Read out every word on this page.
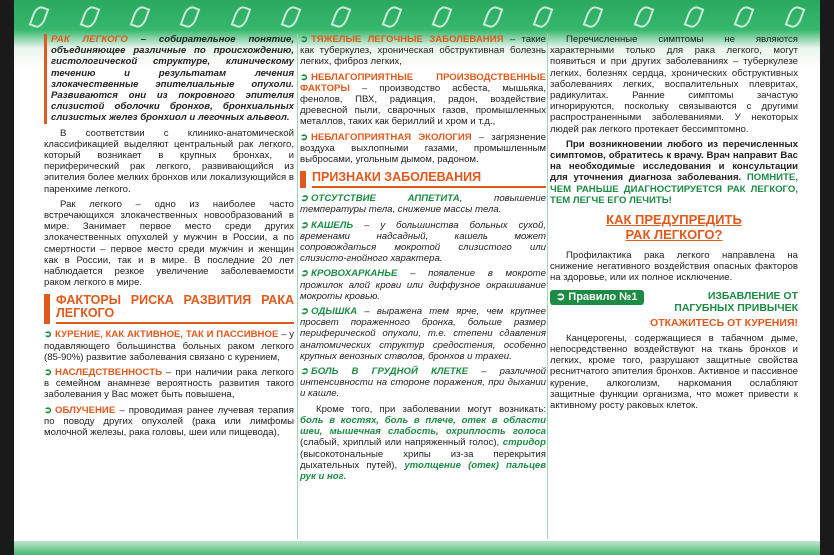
РАК ЛЕГКОГО – собирательное понятие, объединяющее различные по происхождению, гистологической структуре, клиническому течению и результатам лечения злокачественные эпителиальные опухоли. Развиваются они из покровного эпителия слизистой оболочки бронхов, бронхиальных слизистых желез бронхиол и легочных альвеол.

В соответствии с клинико-анатомической классификацией выделяют центральный рак легкого, который возникает в крупных бронхах, и периферический рак легкого, развивающийся из эпителия более мелких бронхов или локализующийся в паренхиме легкого.

Рак легкого – одно из наиболее часто встречающихся злокачественных новообразований в мире. Занимает первое место среди других злокачественных опухолей у мужчин в России, а по смертности – первое место среди мужчин и женщин как в России, так и в мире. В последние 20 лет наблюдается резкое увеличение заболеваемости раком легкого в мире.

ФАКТОРЫ РИСКА РАЗВИТИЯ РАКА ЛЕГКОГО

➲ КУРЕНИЕ, КАК АКТИВНОЕ, ТАК И ПАССИВНОЕ – у подавляющего большинства больных раком легкого (85-90%) развитие заболевания связано с курением,

➲ НАСЛЕДСТВЕННОСТЬ – при наличии рака легкого в семейном анамнезе вероятность развития такого заболевания у Вас может быть повышена,

➲ ОБЛУЧЕНИЕ – проводимая ранее лучевая терапия по поводу других опухолей (рака или лимфомы молочной железы, рака головы, шеи или пищевода),

➲ ТЯЖЕЛЫЕ ЛЕГОЧНЫЕ ЗАБОЛЕВАНИЯ – такие как туберкулез, хроническая обструктивная болезнь легких, фиброз легких,

➲ НЕБЛАГОПРИЯТНЫЕ ПРОИЗВОДСТВЕННЫЕ ФАКТОРЫ – производство асбеста, мышьяка, фенолов, ПВХ, радиация, радон, воздействие древесной пыли, сварочных газов, промышленных металлов, таких как бериллий и хром и т.д.,

➲ НЕБЛАГОПРИЯТНАЯ ЭКОЛОГИЯ – загрязнение воздуха выхлопными газами, промышленным выбросами, угольным дымом, радоном.

ПРИЗНАКИ ЗАБОЛЕВАНИЯ

➲ ОТСУТСТВИЕ АППЕТИТА, повышение температуры тела, снижение массы тела.

➲ КАШЕЛЬ – у большинства больных сухой, временами надсадный, кашель может сопровождаться мокротой слизистого или слизисто-гнойного характера.

➲ КРОВОХАРКАНЬЕ – появление в мокроте прожилок алой крови или диффузное окрашивание мокроты кровью.

➲ ОДЫШКА – выражена тем ярче, чем крупнее просвет пораженного бронха, больше размер периферической опухоли, т.е. степени сдавления анатомических структур средостения, особенно крупных венозных стволов, бронхов и трахеи.

➲ БОЛЬ В ГРУДНОЙ КЛЕТКЕ – различной интенсивности на стороне поражения, при дыхании и кашле.

Кроме того, при заболевании могут возникать: боль в костях, боль в плече, отек в области шеи, мышечная слабость, охриплость голоса (слабый, хриплый или напряженный голос), стридор (высокотональные хрипы из-за перекрытия дыхательных путей), утолщение (отек) пальцев рук и ног.

Перечисленные симптомы не являются характерными только для рака легкого, могут появиться и при других заболеваниях – туберкулезе легких, болезнях сердца, хронических обструктивных заболеваниях легких, воспалительных плевритах, радикулитах. Ранние симптомы зачастую игнорируются, поскольку связываются с другими распространенными заболеваниями. У некоторых людей рак легкого протекает бессимптомно.

При возникновении любого из перечисленных симптомов, обратитесь к врачу. Врач направит Вас на необходимые исследования и консультации для уточнения диагноза заболевания. ПОМНИТЕ, ЧЕМ РАНЬШЕ ДИАГНОСТИРУЕТСЯ РАК ЛЕГКОГО, ТЕМ ЛЕГЧЕ ЕГО ЛЕЧИТЬ!

КАК ПРЕДУПРЕДИТЬ
РАК ЛЕГКОГО?

Профилактика рака легкого направлена на снижение негативного воздействия опасных факторов на здоровье, или их полное исключение.

➲ Правило №1	ИЗБАВЛЕНИЕ ОТ ПАГУБНЫХ ПРИВЫЧЕК
ОТКАЖИТЕСЬ ОТ КУРЕНИЯ!

Канцерогены, содержащиеся в табачном дыме, непосредственно воздействуют на ткань бронхов и легких, кроме того, разрушают защитные свойства реснитчатого эпителия бронхов. Активное и пассивное курение, алкоголизм, наркомания ослабляют защитные функции организма, что может привести к активному росту раковых клеток.
